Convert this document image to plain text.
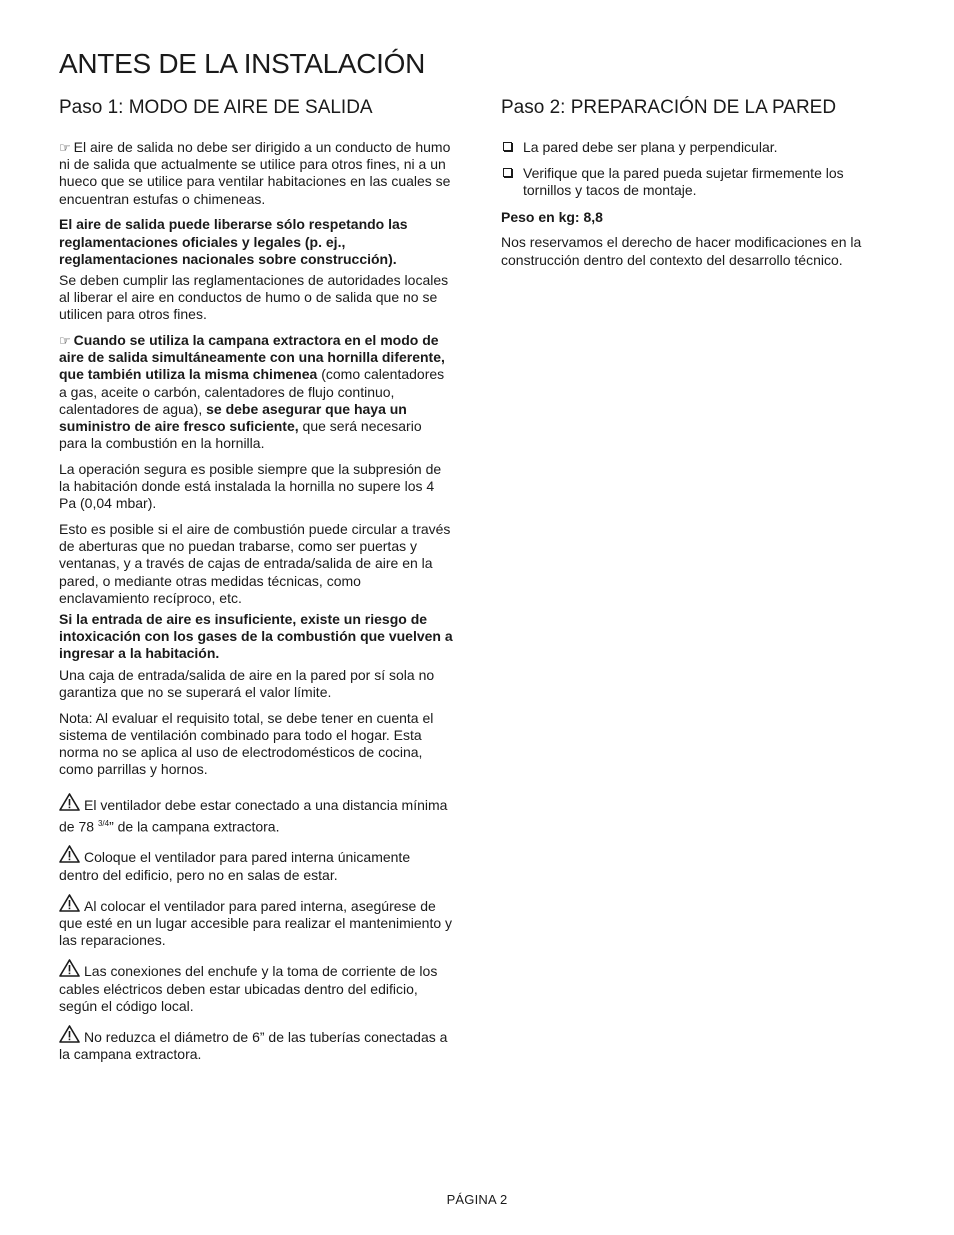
ANTES DE LA INSTALACIÓN
Paso 1: MODO DE AIRE DE SALIDA

☞ El aire de salida no debe ser dirigido a un conducto de humo ni de salida que actualmente se utilice para otros fines, ni a un hueco que se utilice para ventilar habitaciones en las cuales se encuentran estufas o chimeneas.

El aire de salida puede liberarse sólo respetando las reglamentaciones oficiales y legales (p. ej., reglamentaciones nacionales sobre construcción).

Se deben cumplir las reglamentaciones de autoridades locales al liberar el aire en conductos de humo o de salida que no se utilicen para otros fines.

☞ Cuando se utiliza la campana extractora en el modo de aire de salida simultáneamente con una hornilla diferente, que también utiliza la misma chimenea (como calentadores a gas, aceite o carbón, calentadores de flujo continuo, calentadores de agua), se debe asegurar que haya un suministro de aire fresco suficiente, que será necesario para la combustión en la hornilla.

La operación segura es posible siempre que la subpresión de la habitación donde está instalada la hornilla no supere los 4 Pa (0,04 mbar).

Esto es posible si el aire de combustión puede circular a través de aberturas que no puedan trabarse, como ser puertas y ventanas, y a través de cajas de entrada/salida de aire en la pared, o mediante otras medidas técnicas, como enclavamiento recíproco, etc.

Si la entrada de aire es insuficiente, existe un riesgo de intoxicación con los gases de la combustión que vuelven a ingresar a la habitación.

Una caja de entrada/salida de aire en la pared por sí sola no garantiza que no se superará el valor límite.

Nota: Al evaluar el requisito total, se debe tener en cuenta el sistema de ventilación combinado para todo el hogar. Esta norma no se aplica al uso de electrodomésticos de cocina, como parrillas y hornos.

El ventilador debe estar conectado a una distancia mínima de 78 $^{3/4}$” de la campana extractora.

Coloque el ventilador para pared interna únicamente dentro del edificio, pero no en salas de estar.

Al colocar el ventilador para pared interna, asegúrese de que esté en un lugar accesible para realizar el mantenimiento y las reparaciones.

Las conexiones del enchufe y la toma de corriente de los cables eléctricos deben estar ubicadas dentro del edificio, según el código local.

No reduzca el diámetro de 6” de las tuberías conectadas a la campana extractora.

Paso 2: PREPARACIÓN DE LA PARED
La pared debe ser plana y perpendicular.
Verifique que la pared pueda sujetar firmemente los tornillos y tacos de montaje.

Peso en kg: 8,8

Nos reservamos el derecho de hacer modificaciones en la construcción dentro del contexto del desarrollo técnico.

PÁGINA 2
